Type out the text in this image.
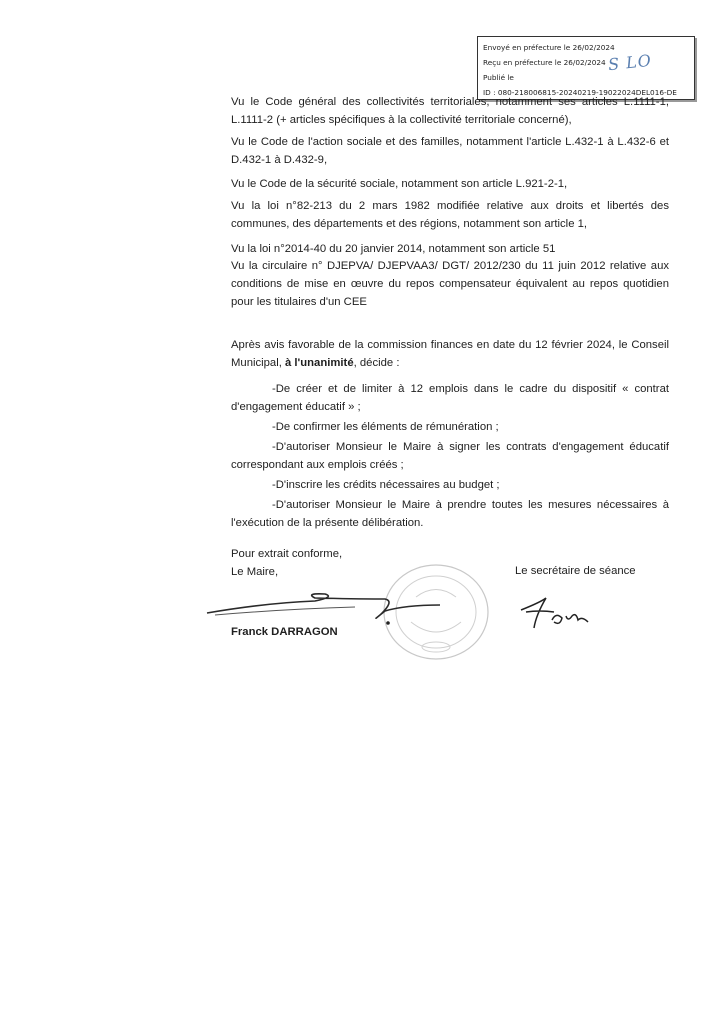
Envoyé en préfecture le 26/02/2024
Reçu en préfecture le 26/02/2024
Publié le
ID : 080-218006815-20240219-19022024DEL016-DE
S LO
Vu le Code général des collectivités territoriales, notamment ses articles L.1111-1, L.1111-2 (+ articles spécifiques à la collectivité territoriale concerné),
Vu le Code de l'action sociale et des familles, notamment l'article L.432-1 à L.432-6 et D.432-1 à D.432-9,
Vu le Code de la sécurité sociale, notamment son article L.921-2-1,
Vu la loi n°82-213 du 2 mars 1982 modifiée relative aux droits et libertés des communes, des départements et des régions, notamment son article 1,
Vu la loi n°2014-40 du 20 janvier 2014, notamment son article 51
Vu la circulaire n° DJEPVA/ DJEPVAA3/ DGT/ 2012/230 du 11 juin 2012 relative aux conditions de mise en œuvre du repos compensateur équivalent au repos quotidien pour les titulaires d'un CEE
Après avis favorable de la commission finances en date du 12 février 2024, le Conseil Municipal, à l'unanimité, décide :
-De créer et de limiter à 12 emplois dans le cadre du dispositif « contrat d'engagement éducatif » ;
-De confirmer les éléments de rémunération ;
-D'autoriser Monsieur le Maire à signer les contrats d'engagement éducatif correspondant aux emplois créés ;
-D'inscrire les crédits nécessaires au budget ;
-D'autoriser Monsieur le Maire à prendre toutes les mesures nécessaires à l'exécution de la présente délibération.
Pour extrait conforme,
Le Maire,	Le secrétaire de séance
Franck DARRAGON
